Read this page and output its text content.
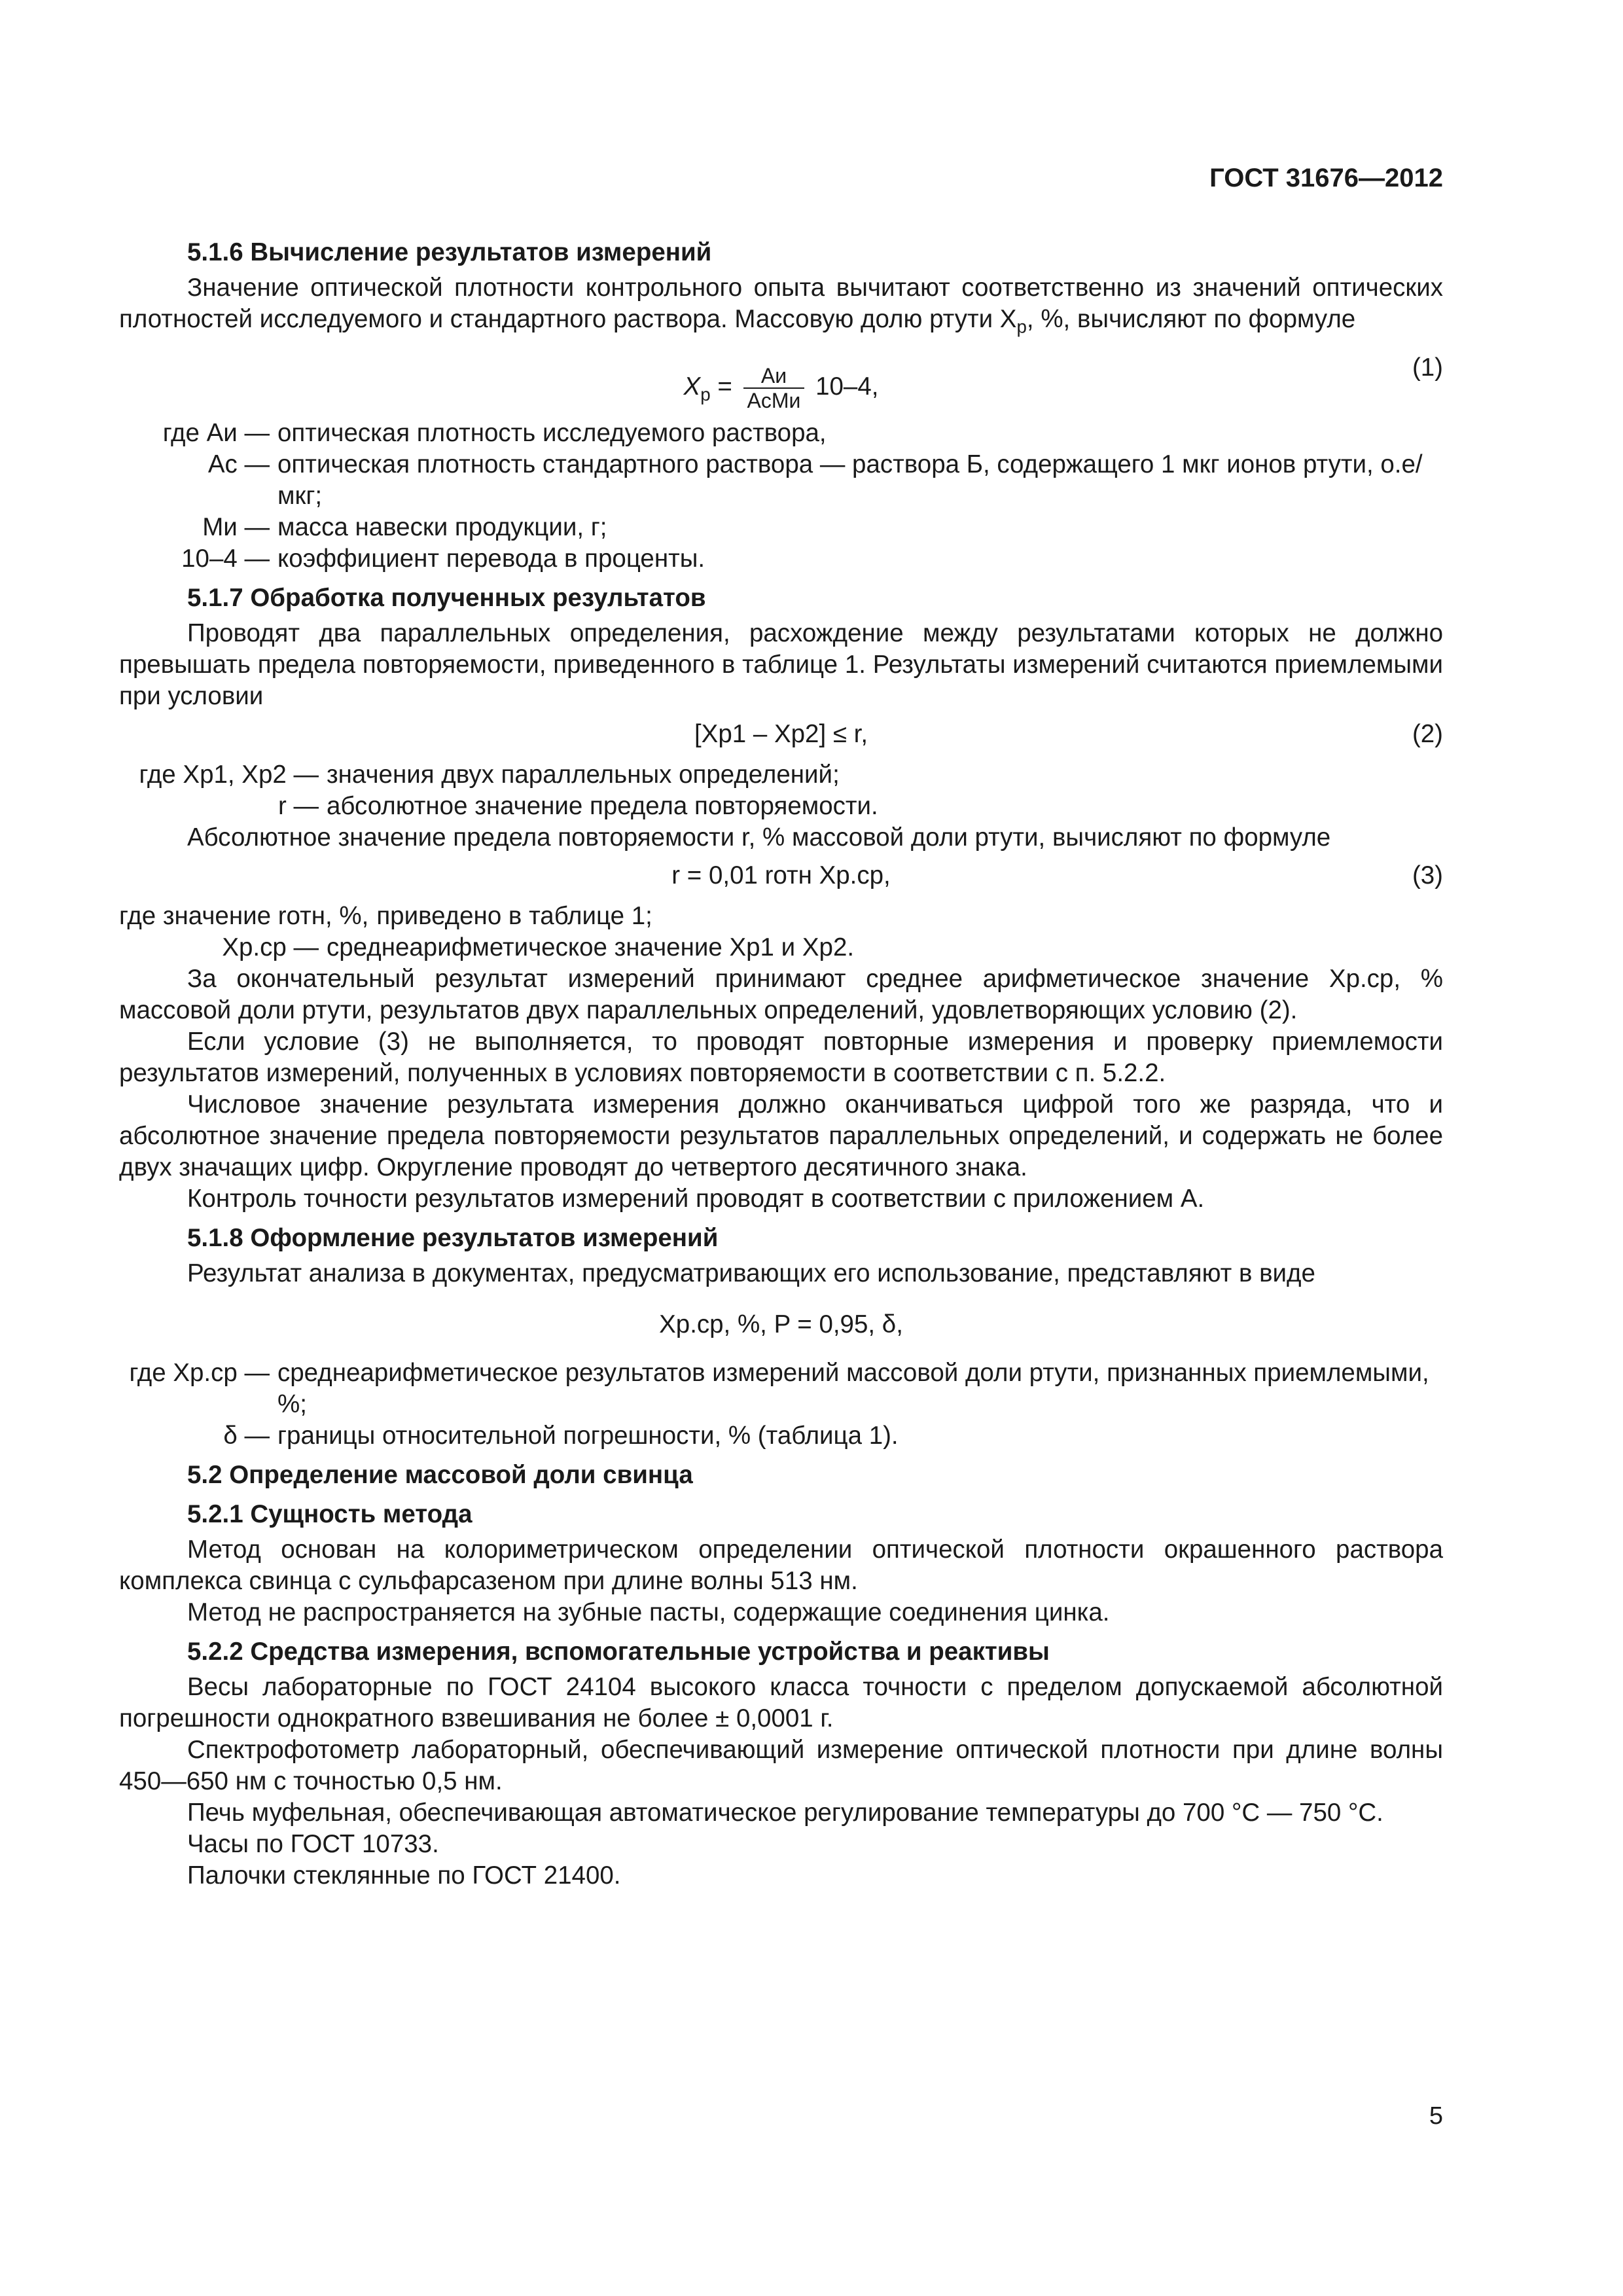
ГОСТ 31676—2012
5.1.6 Вычисление результатов измерений

Значение оптической плотности контрольного опыта вычитают соответственно из значений оптических плотностей исследуемого и стандартного раствора. Массовую долю ртути $X_р$, %, вычисляют по формуле

$X_р = \frac{Aи}{\text{AсMи}} 10-4$,
(1)
где Aи — оптическая плотность исследуемого раствора,
Aс — оптическая плотность стандартного раствора — раствора Б, содержащего 1 мкг ионов ртути, о.е/мкг;
Mи — масса навески продукции, г;
10–4 — коэффициент перевода в проценты.
5.1.7 Обработка полученных результатов

Проводят два параллельных определения, расхождение между результатами которых не должно превышать предела повторяемости, приведенного в таблице 1. Результаты измерений считаются приемлемыми при условии

[Xр1 – Xр2] ≤ r,	(2)
где Xр1, Xр2 — значения двух параллельных определений;
r — абсолютное значение предела повторяемости.

Абсолютное значение предела повторяемости r, % массовой доли ртути, вычисляют по формуле

r = 0,01 rотн Xр.ср,	(3)
где значение rотн, %, приведено в таблице 1;
Xр.ср — среднеарифметическое значение Xр1 и Xр2.

За окончательный результат измерений принимают среднее арифметическое значение Xр.ср, % массовой доли ртути, результатов двух параллельных определений, удовлетворяющих условию (2).

Если условие (3) не выполняется, то проводят повторные измерения и проверку приемлемости результатов измерений, полученных в условиях повторяемости в соответствии с п. 5.2.2.

Числовое значение результата измерения должно оканчиваться цифрой того же разряда, что и абсолютное значение предела повторяемости результатов параллельных определений, и содержать не более двух значащих цифр. Округление проводят до четвертого десятичного знака.

Контроль точности результатов измерений проводят в соответствии с приложением А.

5.1.8 Оформление результатов измерений

Результат анализа в документах, предусматривающих его использование, представляют в виде

Xр.ср, %, P = 0,95, δ,
где Xр.ср — среднеарифметическое результатов измерений массовой доли ртути, признанных приемлемыми, %;
δ — границы относительной погрешности, % (таблица 1).
5.2 Определение массовой доли свинца
5.2.1 Сущность метода

Метод основан на колориметрическом определении оптической плотности окрашенного раствора комплекса свинца с сульфарсазеном при длине волны 513 нм.

Метод не распространяется на зубные пасты, содержащие соединения цинка.

5.2.2 Средства измерения, вспомогательные устройства и реактивы

Весы лабораторные по ГОСТ 24104 высокого класса точности с пределом допускаемой абсолютной погрешности однократного взвешивания не более ± 0,0001 г.

Спектрофотометр лабораторный, обеспечивающий измерение оптической плотности при длине волны 450—650 нм с точностью 0,5 нм.

Печь муфельная, обеспечивающая автоматическое регулирование температуры до 700 °С — 750 °С.

Часы по ГОСТ 10733.

Палочки стеклянные по ГОСТ 21400.

5
